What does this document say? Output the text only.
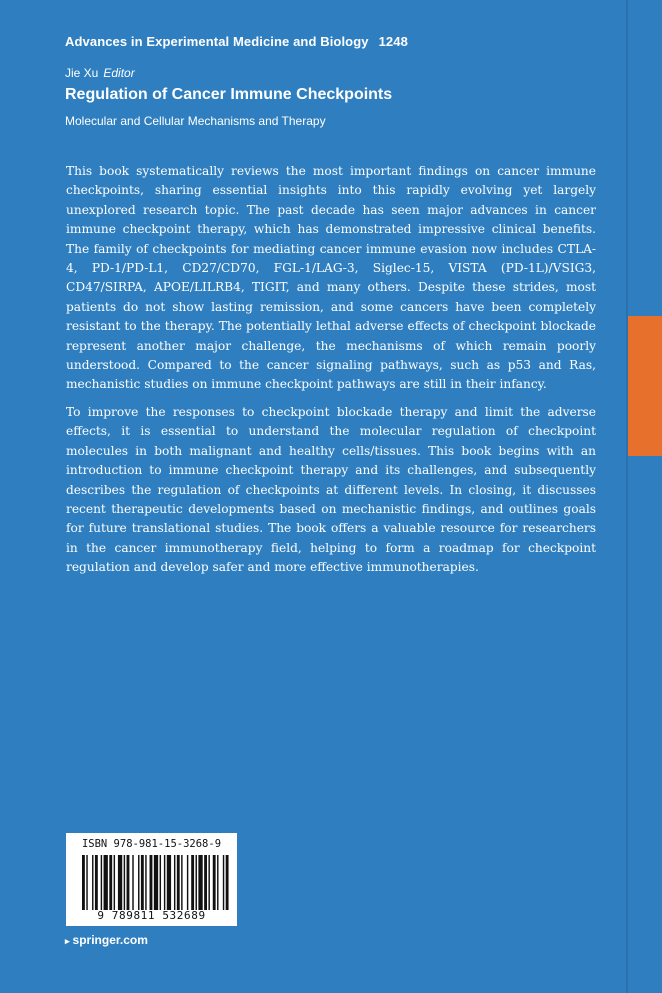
Advances in Experimental Medicine and Biology 1248
Jie Xu Editor
Regulation of Cancer Immune Checkpoints
Molecular and Cellular Mechanisms and Therapy

This book systematically reviews the most important findings on cancer immune checkpoints, sharing essential insights into this rapidly evolving yet largely unexplored research topic. The past decade has seen major advances in cancer immune checkpoint therapy, which has demonstrated impressive clinical benefits. The family of checkpoints for mediating cancer immune evasion now includes CTLA-4, PD-1/PD-L1, CD27/CD70, FGL-1/LAG-3, Siglec-15, VISTA (PD-1L)/VSIG3, CD47/SIRPA, APOE/LILRB4, TIGIT, and many others. Despite these strides, most patients do not show lasting remission, and some cancers have been completely resistant to the therapy. The potentially lethal adverse effects of checkpoint blockade represent another major challenge, the mechanisms of which remain poorly understood. Compared to the cancer signaling pathways, such as p53 and Ras, mechanistic studies on immune checkpoint pathways are still in their infancy.

To improve the responses to checkpoint blockade therapy and limit the adverse effects, it is essential to understand the molecular regulation of checkpoint molecules in both malignant and healthy cells/tissues. This book begins with an introduction to immune checkpoint therapy and its challenges, and subsequently describes the regulation of checkpoints at different levels. In closing, it discusses recent therapeutic developments based on mechanistic findings, and outlines goals for future translational studies. The book offers a valuable resource for researchers in the cancer immunotherapy field, helping to form a roadmap for checkpoint regulation and develop safer and more effective immunotherapies.

ISBN 978-981-15-3268-9
9 789811 532689
▸ springer.com
